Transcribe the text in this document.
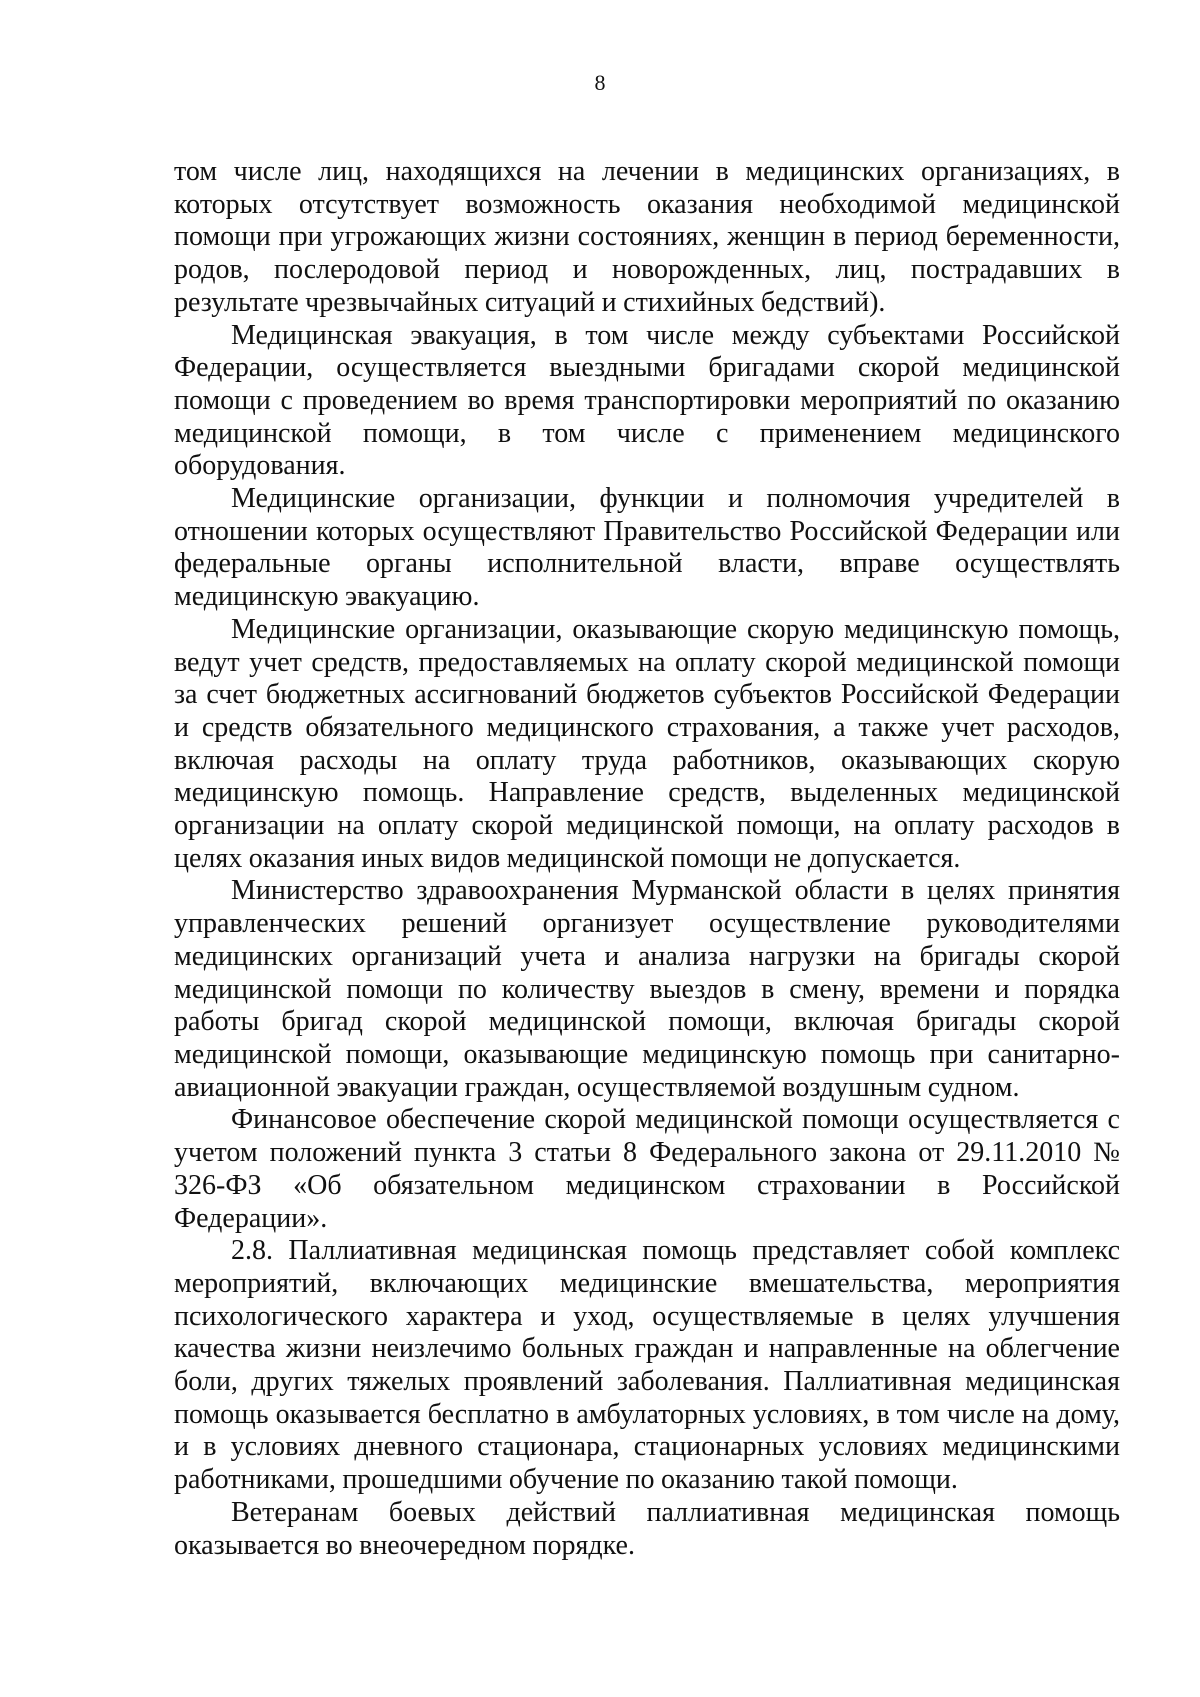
8

том числе лиц, находящихся на лечении в медицинских организациях, в которых отсутствует возможность оказания необходимой медицинской помощи при угрожающих жизни состояниях, женщин в период беременности, родов, послеродовой период и новорожденных, лиц, пострадавших в результате чрезвычайных ситуаций и стихийных бедствий).

Медицинская эвакуация, в том числе между субъектами Российской Федерации, осуществляется выездными бригадами скорой медицинской помощи с проведением во время транспортировки мероприятий по оказанию медицинской помощи, в том числе с применением медицинского оборудования.

Медицинские организации, функции и полномочия учредителей в отношении которых осуществляют Правительство Российской Федерации или федеральные органы исполнительной власти, вправе осуществлять медицинскую эвакуацию.

Медицинские организации, оказывающие скорую медицинскую помощь, ведут учет средств, предоставляемых на оплату скорой медицинской помощи за счет бюджетных ассигнований бюджетов субъектов Российской Федерации и средств обязательного медицинского страхования, а также учет расходов, включая расходы на оплату труда работников, оказывающих скорую медицинскую помощь. Направление средств, выделенных медицинской организации на оплату скорой медицинской помощи, на оплату расходов в целях оказания иных видов медицинской помощи не допускается.

Министерство здравоохранения Мурманской области в целях принятия управленческих решений организует осуществление руководителями медицинских организаций учета и анализа нагрузки на бригады скорой медицинской помощи по количеству выездов в смену, времени и порядка работы бригад скорой медицинской помощи, включая бригады скорой медицинской помощи, оказывающие медицинскую помощь при санитарно-авиационной эвакуации граждан, осуществляемой воздушным судном.

Финансовое обеспечение скорой медицинской помощи осуществляется с учетом положений пункта 3 статьи 8 Федерального закона от 29.11.2010 № 326-ФЗ «Об обязательном медицинском страховании в Российской Федерации».

2.8. Паллиативная медицинская помощь представляет собой комплекс мероприятий, включающих медицинские вмешательства, мероприятия психологического характера и уход, осуществляемые в целях улучшения качества жизни неизлечимо больных граждан и направленные на облегчение боли, других тяжелых проявлений заболевания. Паллиативная медицинская помощь оказывается бесплатно в амбулаторных условиях, в том числе на дому, и в условиях дневного стационара, стационарных условиях медицинскими работниками, прошедшими обучение по оказанию такой помощи.

Ветеранам боевых действий паллиативная медицинская помощь оказывается во внеочередном порядке.
